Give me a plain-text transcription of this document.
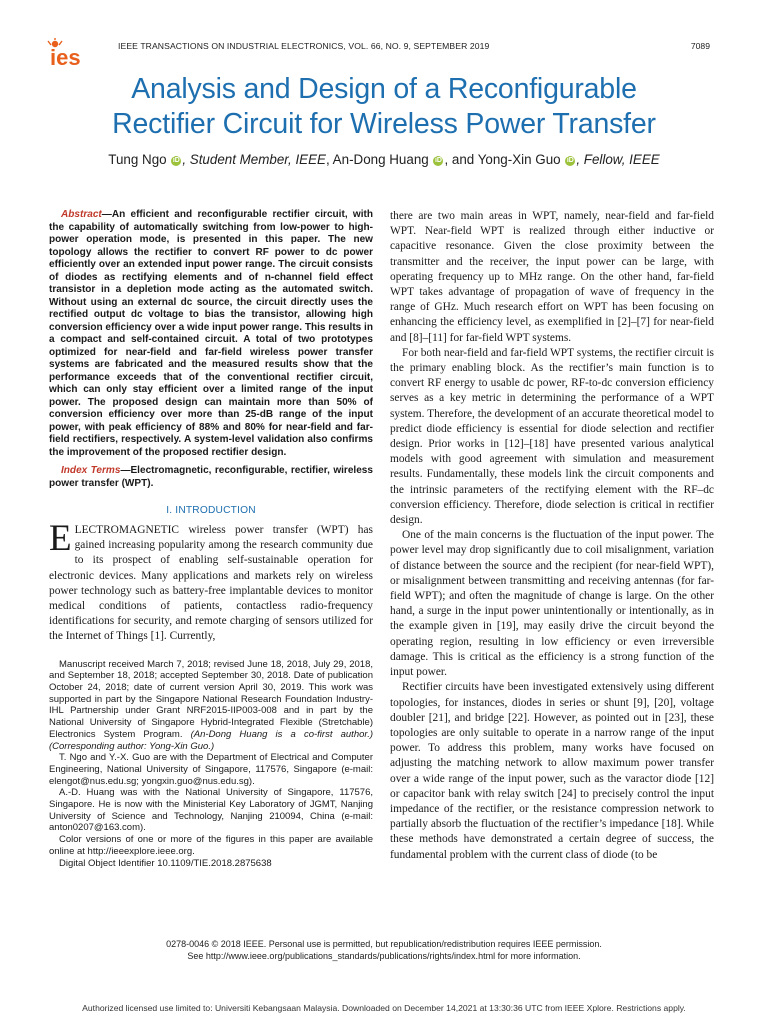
ies	IEEE TRANSACTIONS ON INDUSTRIAL ELECTRONICS, VOL. 66, NO. 9, SEPTEMBER 2019	7089
Analysis and Design of a Reconfigurable
Rectifier Circuit for Wireless Power Transfer
Tung Ngo iD , Student Member, IEEE, An-Dong Huang iD , and Yong-Xin Guo iD , Fellow, IEEE
Abstract—An efficient and reconfigurable rectifier circuit, with the capability of automatically switching from low-power to high-power operation mode, is presented in this paper. The new topology allows the rectifier to convert RF power to dc power efficiently over an extended input power range. The circuit consists of diodes as rectifying elements and of n-channel field effect transistor in a depletion mode acting as the automated switch. Without using an external dc source, the circuit directly uses the rectified output dc voltage to bias the transistor, allowing high conversion efficiency over a wide input power range. This results in a compact and self-contained circuit. A total of two prototypes optimized for near-field and far-field wireless power transfer systems are fabricated and the measured results show that the performance exceeds that of the conventional rectifier circuit, which can only stay efficient over a limited range of the input power. The proposed design can maintain more than 50% of conversion efficiency over more than 25-dB range of the input power, with peak efficiency of 88% and 80% for near-field and far-field rectifiers, respectively. A system-level validation also confirms the improvement of the proposed rectifier design.
Index Terms—Electromagnetic, reconfigurable, rectifier, wireless power transfer (WPT).
I. INTRODUCTION
ELECTROMAGNETIC wireless power transfer (WPT) has gained increasing popularity among the research community due to its prospect of enabling self-sustainable operation for electronic devices. Many applications and markets rely on wireless power technology such as battery-free implantable devices to monitor medical conditions of patients, contactless radio-frequency identifications for security, and remote charging of sensors utilized for the Internet of Things [1]. Currently,

Manuscript received March 7, 2018; revised June 18, 2018, July 29, 2018, and September 18, 2018; accepted September 30, 2018. Date of publication October 24, 2018; date of current version April 30, 2019. This work was supported in part by the Singapore National Research Foundation Industry-IHL Partnership under Grant NRF2015-IIP003-008 and in part by the National University of Singapore Hybrid-Integrated Flexible (Stretchable) Electronics System Program. (An-Dong Huang is a co-first author.) (Corresponding author: Yong-Xin Guo.)

T. Ngo and Y.-X. Guo are with the Department of Electrical and Computer Engineering, National University of Singapore, 117576, Singapore (e-mail: elengot@nus.edu.sg; yongxin.guo@nus.edu.sg).

A.-D. Huang was with the National University of Singapore, 117576, Singapore. He is now with the Ministerial Key Laboratory of JGMT, Nanjing University of Science and Technology, Nanjing 210094, China (e-mail: anton0207@163.com).

Color versions of one or more of the figures in this paper are available online at http://ieeexplore.ieee.org.

Digital Object Identifier 10.1109/TIE.2018.2875638

there are two main areas in WPT, namely, near-field and far-field WPT. Near-field WPT is realized through either inductive or capacitive resonance. Given the close proximity between the transmitter and the receiver, the input power can be large, with operating frequency up to MHz range. On the other hand, far-field WPT takes advantage of propagation of wave of frequency in the range of GHz. Much research effort on WPT has been focusing on enhancing the efficiency level, as exemplified in [2]–[7] for near-field and [8]–[11] for far-field WPT systems.

For both near-field and far-field WPT systems, the rectifier circuit is the primary enabling block. As the rectifier’s main function is to convert RF energy to usable dc power, RF-to-dc conversion efficiency serves as a key metric in determining the performance of a WPT system. Therefore, the development of an accurate theoretical model to predict diode efficiency is essential for diode selection and rectifier design. Prior works in [12]–[18] have presented various analytical models with good agreement with simulation and measurement results. Fundamentally, these models link the circuit components and the intrinsic parameters of the rectifying element with the RF–dc conversion efficiency. Therefore, diode selection is critical in rectifier design.

One of the main concerns is the fluctuation of the input power. The power level may drop significantly due to coil misalignment, variation of distance between the source and the recipient (for near-field WPT), or misalignment between transmitting and receiving antennas (for far-field WPT); and often the magnitude of change is large. On the other hand, a surge in the input power unintentionally or intentionally, as in the example given in [19], may easily drive the circuit beyond the operating region, resulting in low efficiency or even irreversible damage. This is critical as the efficiency is a strong function of the input power.

Rectifier circuits have been investigated extensively using different topologies, for instances, diodes in series or shunt [9], [20], voltage doubler [21], and bridge [22]. However, as pointed out in [23], these topologies are only suitable to operate in a narrow range of the input power. To address this problem, many works have focused on adjusting the matching network to allow maximum power transfer over a wide range of the input power, such as the varactor diode [12] or capacitor bank with relay switch [24] to precisely control the input impedance of the rectifier, or the resistance compression network to partially absorb the fluctuation of the rectifier’s impedance [18]. While these methods have demonstrated a certain degree of success, the fundamental problem with the current class of diode (to be

0278-0046 © 2018 IEEE. Personal use is permitted, but republication/redistribution requires IEEE permission.
See http://www.ieee.org/publications_standards/publications/rights/index.html for more information.
Authorized licensed use limited to: Universiti Kebangsaan Malaysia. Downloaded on December 14,2021 at 13:30:36 UTC from IEEE Xplore. Restrictions apply.
